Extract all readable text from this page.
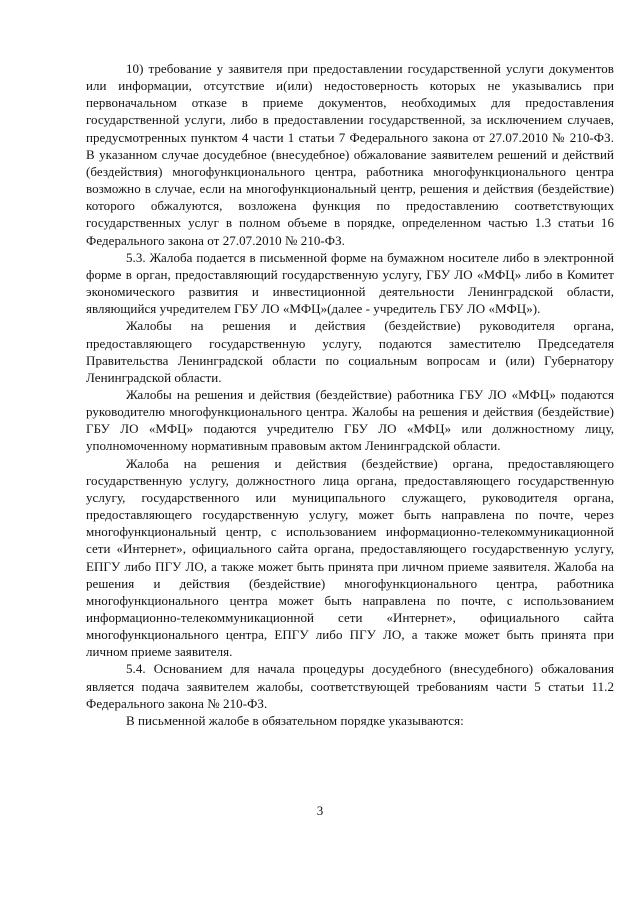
10) требование у заявителя при предоставлении государственной услуги документов или информации, отсутствие и(или) недостоверность которых не указывались при первоначальном отказе в приеме документов, необходимых для предоставления государственной услуги, либо в предоставлении государственной, за исключением случаев, предусмотренных пунктом 4 части 1 статьи 7 Федерального закона от 27.07.2010 № 210-ФЗ. В указанном случае досудебное (внесудебное) обжалование заявителем решений и действий (бездействия) многофункционального центра, работника многофункционального центра возможно в случае, если на многофункциональный центр, решения и действия (бездействие) которого обжалуются, возложена функция по предоставлению соответствующих государственных услуг в полном объеме в порядке, определенном частью 1.3 статьи 16 Федерального закона от 27.07.2010 № 210-ФЗ.

5.3. Жалоба подается в письменной форме на бумажном носителе либо в электронной форме в орган, предоставляющий государственную услугу, ГБУ ЛО «МФЦ» либо в Комитет экономического развития и инвестиционной деятельности Ленинградской области, являющийся учредителем ГБУ ЛО «МФЦ»(далее - учредитель ГБУ ЛО «МФЦ»).

Жалобы на решения и действия (бездействие) руководителя органа, предоставляющего государственную услугу, подаются заместителю Председателя Правительства Ленинградской области по социальным вопросам и (или) Губернатору Ленинградской области.

Жалобы на решения и действия (бездействие) работника ГБУ ЛО «МФЦ» подаются руководителю многофункционального центра. Жалобы на решения и действия (бездействие) ГБУ ЛО «МФЦ» подаются учредителю ГБУ ЛО «МФЦ» или должностному лицу, уполномоченному нормативным правовым актом Ленинградской области.

Жалоба на решения и действия (бездействие) органа, предоставляющего государственную услугу, должностного лица органа, предоставляющего государственную услугу, государственного или муниципального служащего, руководителя органа, предоставляющего государственную услугу, может быть направлена по почте, через многофункциональный центр, с использованием информационно-телекоммуникационной сети «Интернет», официального сайта органа, предоставляющего государственную услугу, ЕПГУ либо ПГУ ЛО, а также может быть принята при личном приеме заявителя. Жалоба на решения и действия (бездействие) многофункционального центра, работника многофункционального центра может быть направлена по почте, с использованием информационно-телекоммуникационной сети «Интернет», официального сайта многофункционального центра, ЕПГУ либо ПГУ ЛО, а также может быть принята при личном приеме заявителя.

5.4. Основанием для начала процедуры досудебного (внесудебного) обжалования является подача заявителем жалобы, соответствующей требованиям части 5 статьи 11.2 Федерального закона № 210-ФЗ.

В письменной жалобе в обязательном порядке указываются:

3
